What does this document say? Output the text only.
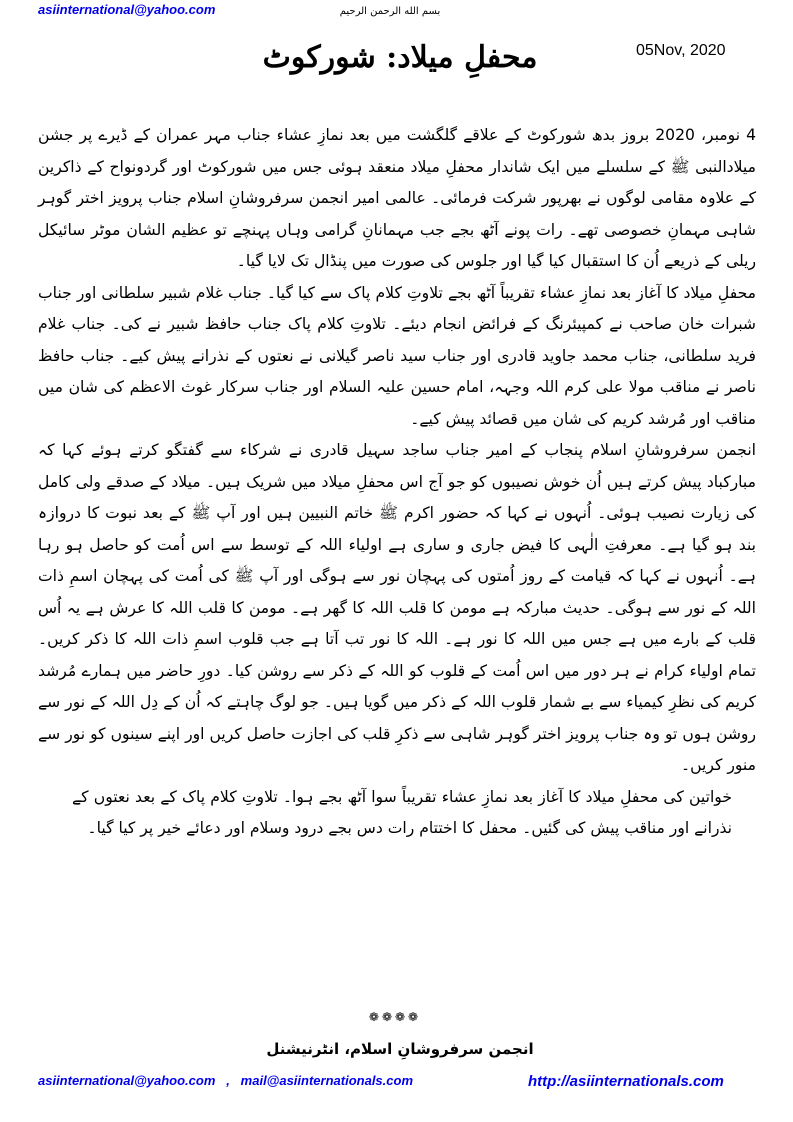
asiinternational@yahoo.com	بسم الله الرحمن الرحیم
05Nov, 2020
محفلِ میلاد: شورکوٹ

4 نومبر، 2020 بروز بدھ شورکوٹ کے علاقے گلگشت میں بعد نمازِ عشاء جناب مہر عمران کے ڈیرے پر جشن میلادالنبی ﷺ کے سلسلے میں ایک شاندار محفلِ میلاد منعقد ہوئی جس میں شورکوٹ اور گردونواح کے ذاکرین کے علاوہ مقامی لوگوں نے بھرپور شرکت فرمائی۔ عالمی امیر انجمن سرفروشانِ اسلام جناب پرویز اختر گوہر شاہی مہمانِ خصوصی تھے۔ رات پونے آٹھ بجے جب مہمانانِ گرامی وہاں پہنچے تو عظیم الشان موٹر سائیکل ریلی کے ذریعے اُن کا استقبال کیا گیا اور جلوس کی صورت میں پنڈال تک لایا گیا۔

محفلِ میلاد کا آغاز بعد نمازِ عشاء تقریباً آٹھ بجے تلاوتِ کلام پاک سے کیا گیا۔ جناب غلام شبیر سلطانی اور جناب شبرات خان صاحب نے کمپیئرنگ کے فرائض انجام دیئے۔ تلاوتِ کلام پاک جناب حافظ شبیر نے کی۔ جناب غلام فرید سلطانی، جناب محمد جاوید قادری اور جناب سید ناصر گیلانی نے نعتوں کے نذرانے پیش کیے۔ جناب حافظ ناصر نے مناقب مولا علی کرم اللہ وجہہ، امام حسین علیہ السلام اور جناب سرکار غوث الاعظم کی شان میں مناقب اور مُرشد کریم کی شان میں قصائد پیش کیے۔

انجمن سرفروشانِ اسلام پنجاب کے امیر جناب ساجد سہیل قادری نے شرکاء سے گفتگو کرتے ہوئے کہا کہ مبارکباد پیش کرتے ہیں اُن خوش نصیبوں کو جو آج اس محفلِ میلاد میں شریک ہیں۔ میلاد کے صدقے ولی کامل کی زیارت نصیب ہوئی۔ اُنہوں نے کہا کہ حضور اکرم ﷺ خاتم النبیین ہیں اور آپ ﷺ کے بعد نبوت کا دروازہ بند ہو گیا ہے۔ معرفتِ الٰہی کا فیض جاری و ساری ہے اولیاء اللہ کے توسط سے اس اُمت کو حاصل ہو رہا ہے۔ اُنہوں نے کہا کہ قیامت کے روز اُمتوں کی پہچان نور سے ہوگی اور آپ ﷺ کی اُمت کی پہچان اسمِ ذات اللہ کے نور سے ہوگی۔ حدیث مبارکہ ہے مومن کا قلب اللہ کا گھر ہے۔ مومن کا قلب اللہ کا عرش ہے یہ اُس قلب کے بارے میں ہے جس میں اللہ کا نور ہے۔ اللہ کا نور تب آتا ہے جب قلوب اسمِ ذات اللہ کا ذکر کریں۔ تمام اولیاء کرام نے ہر دور میں اس اُمت کے قلوب کو اللہ کے ذکر سے روشن کیا۔ دورِ حاضر میں ہمارے مُرشد کریم کی نظرِ کیمیاء سے بے شمار قلوب اللہ کے ذکر میں گویا ہیں۔ جو لوگ چاہتے کہ اُن کے دِل اللہ کے نور سے روشن ہوں تو وہ جناب پرویز اختر گوہر شاہی سے ذکرِ قلب کی اجازت حاصل کریں اور اپنے سینوں کو نور سے منور کریں۔

خواتین کی محفلِ میلاد کا آغاز بعد نمازِ عشاء تقریباً سوا آٹھ بجے ہوا۔ تلاوتِ کلام پاک کے بعد نعتوں کے نذرانے اور مناقب پیش کی گئیں۔ محفل کا اختتام رات دس بجے درود وسلام اور دعائے خیر پر کیا گیا۔

❁❁❁❁
انجمن سرفروشانِ اسلام، انٹرنیشنل
asiinternational@yahoo.com   ,   mail@asiinternationals.com	http://asiinternationals.com
